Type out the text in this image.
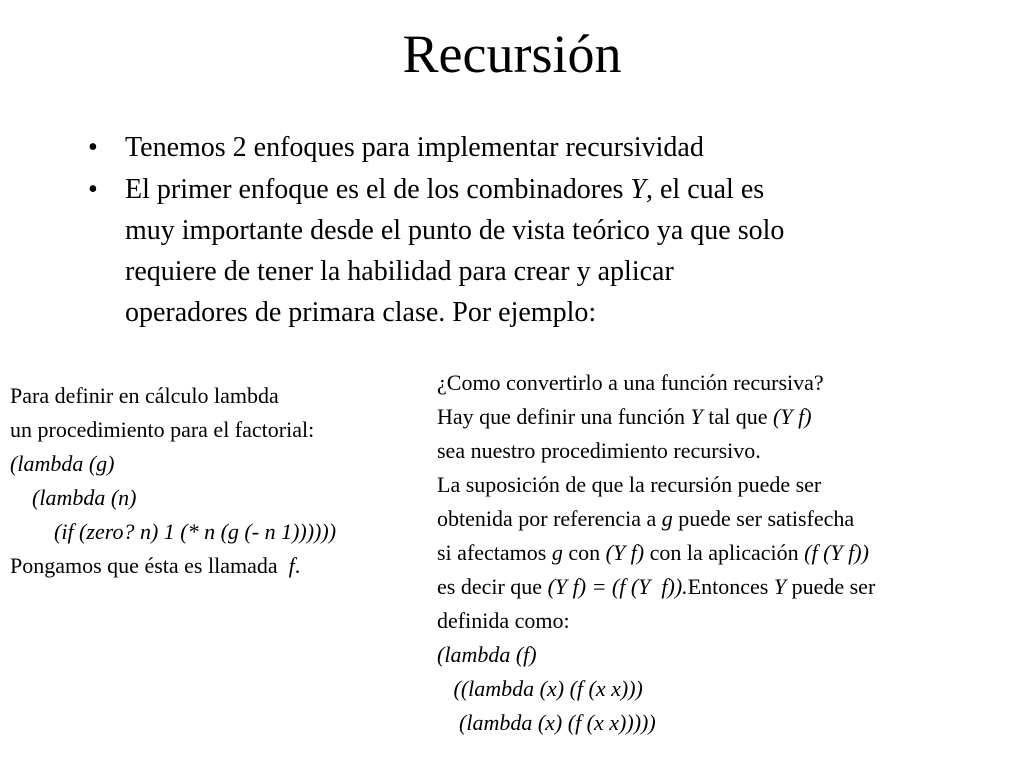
Recursión
• Tenemos 2 enfoques para implementar recursividad
• El primer enfoque es el de los combinadores Y, el cual es
muy importante desde el punto de vista teórico ya que solo
requiere de tener la habilidad para crear y aplicar
operadores de primara clase. Por ejemplo:
Para definir en cálculo lambda
un procedimiento para el factorial:
(lambda (g)
(lambda (n)
(if (zero? n) 1 (* n (g (- n 1))))))
Pongamos que ésta es llamada  f.
¿Como convertirlo a una función recursiva?
Hay que definir una función Y tal que (Y f)
sea nuestro procedimiento recursivo.
La suposición de que la recursión puede ser
obtenida por referencia a g puede ser satisfecha
si afectamos g con (Y f) con la aplicación (f (Y f))
es decir que (Y f) = (f (Y  f)).Entonces Y puede ser
definida como:
(lambda (f)
((lambda (x) (f (x x)))
(lambda (x) (f (x x)))))
